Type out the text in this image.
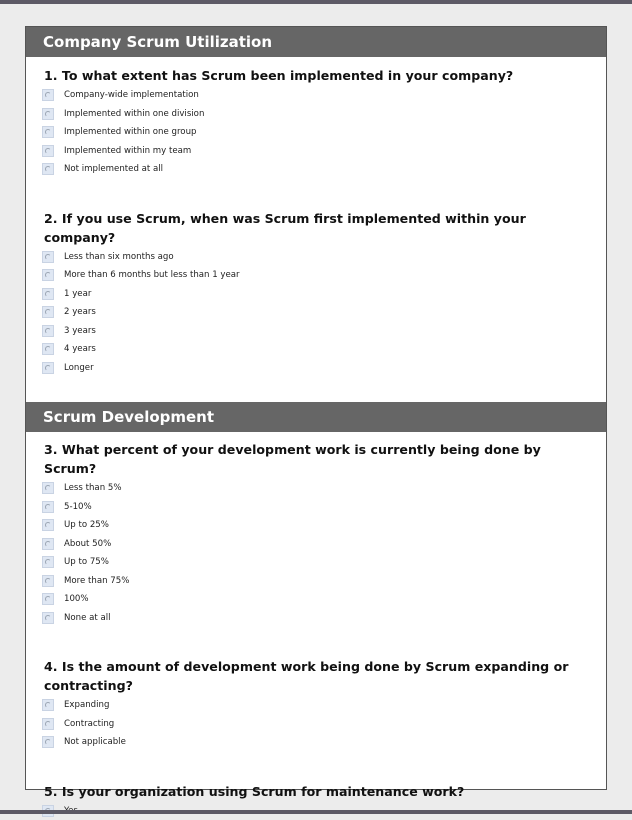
Company Scrum Utilization
1. To what extent has Scrum been implemented in your company?
Company-wide implementation
Implemented within one division
Implemented within one group
Implemented within my team
Not implemented at all
2. If you use Scrum, when was Scrum first implemented within your company?
Less than six months ago
More than 6 months but less than 1 year
1 year
2 years
3 years
4 years
Longer
Scrum Development
3. What percent of your development work is currently being done by Scrum?
Less than 5%
5-10%
Up to 25%
About 50%
Up to 75%
More than 75%
100%
None at all
4. Is the amount of development work being done by Scrum expanding or contracting?
Expanding
Contracting
Not applicable
5. Is your organization using Scrum for maintenance work?
